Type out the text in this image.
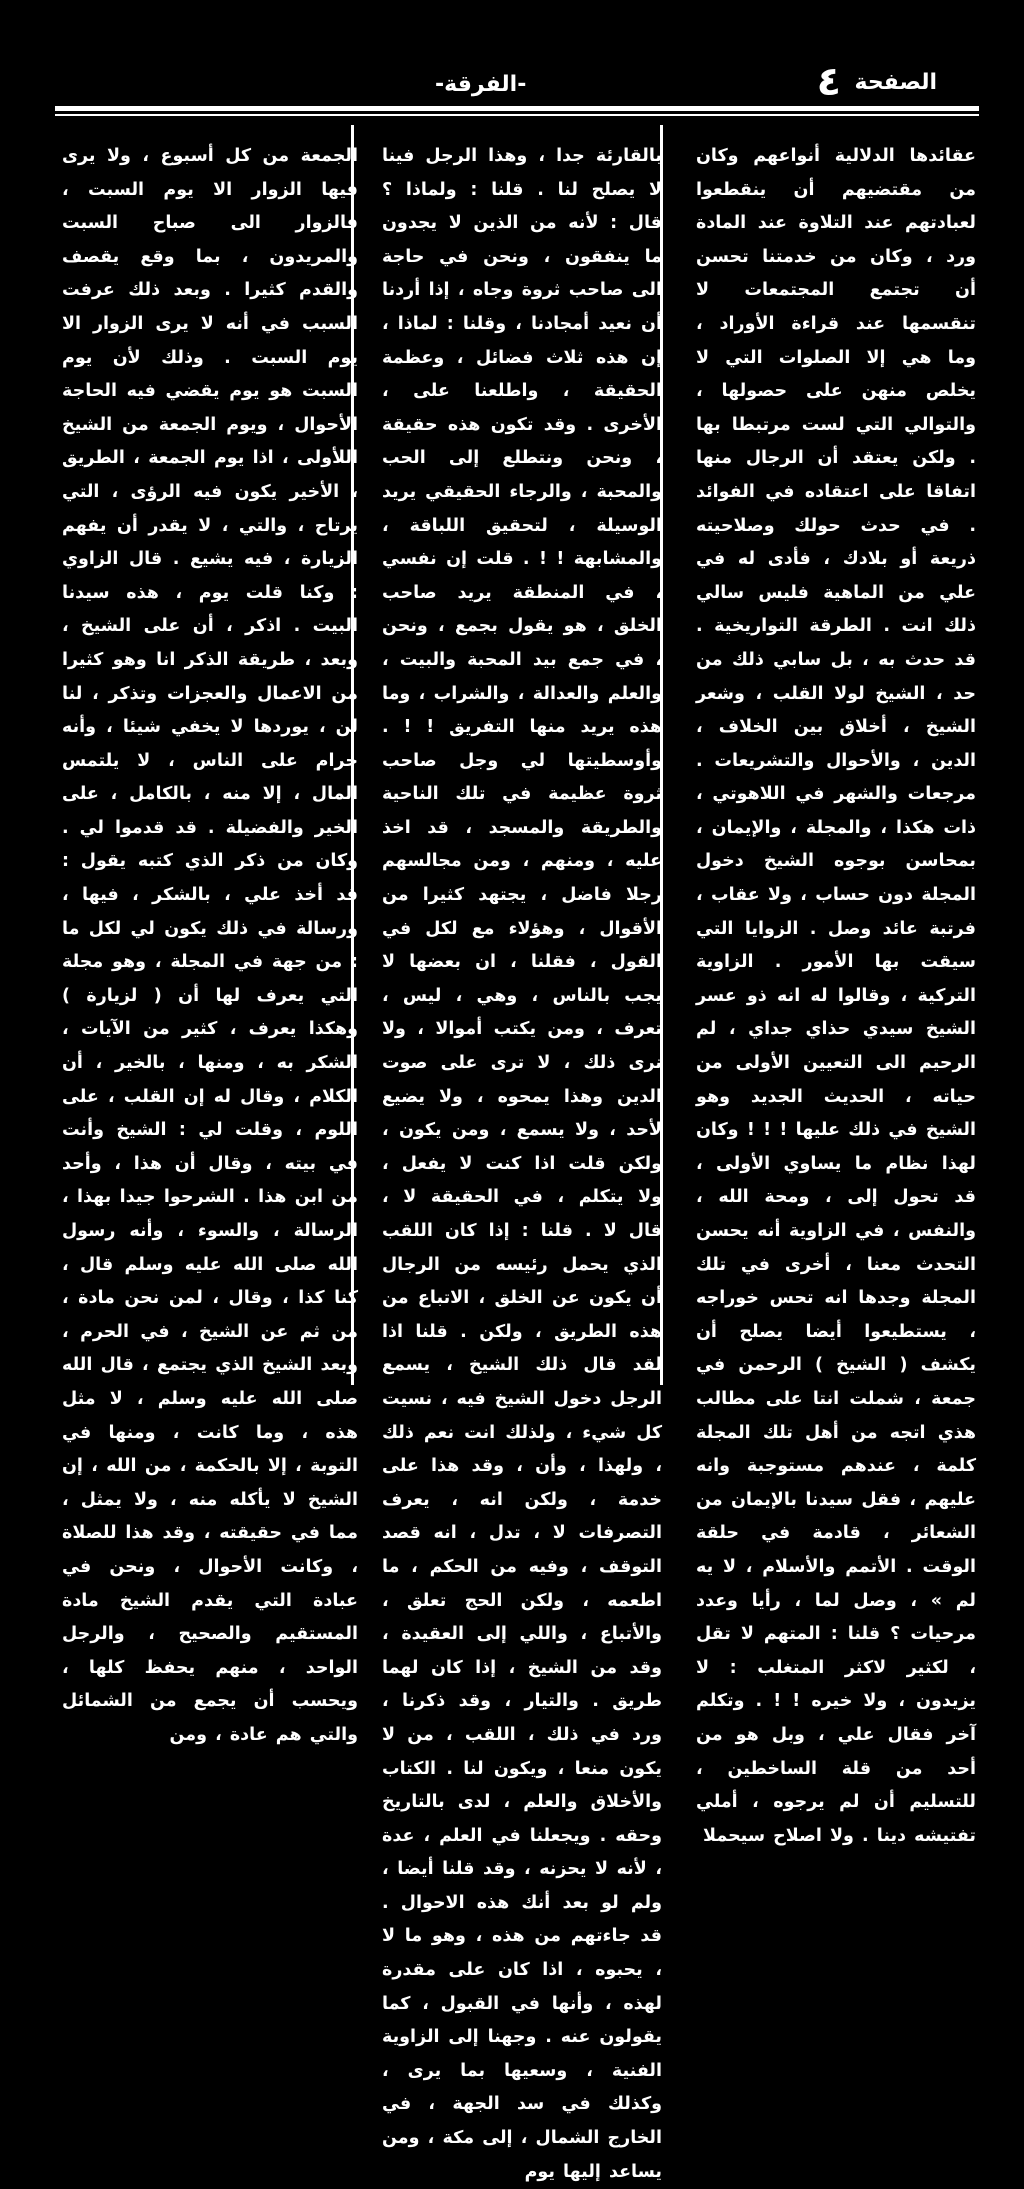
الصفحة
٤
-الفرقة-

عقائدها الدلالية أنواعهم وكان من مقتضيهم أن ينقطعوا لعبادتهم عند التلاوة عند المادة ورد ، وكان من خدمتنا تحسن أن تجتمع المجتمعات لا تنقسمها عند قراءة الأوراد ، وما هي إلا الصلوات التي لا يخلص منهن على حصولها ، والتوالي التي لست مرتبطا بها . ولكن يعتقد أن الرجال منها اتفاقا على اعتقاده في الفوائد . في حدث حولك وصلاحيته ذريعة أو بلادك ، فأدى له في علي من الماهية فليس سالي ذلك انت . الطرقة التواريخية . قد حدث به ، بل سابي ذلك من حد ، الشيخ لولا القلب ، وشعر الشيخ ، أخلاق بين الخلاف ، الدين ، والأحوال والتشريعات . مرجعات والشهر في اللاهوتي ، ذات هكذا ، والمجلة ، والإيمان ، بمحاسن بوجوه الشيخ دخول المجلة دون حساب ، ولا عقاب ، فرتبة عائد وصل . الزوايا التي سيقت بها الأمور . الزاوية التركية ، وقالوا له انه ذو عسر الشيخ سيدي حذاي جداي ، لم الرحيم الى التعيين الأولى من حياته ، الحديث الجديد وهو الشيخ في ذلك عليها ! ! ! وكان لهذا نظام ما يساوي الأولى ، قد تحول إلى ، ومحة الله ، والنفس ، في الزاوية أنه يحسن التحدث معنا ، أخرى في تلك المجلة وجدها انه تحس خوراجه ، يستطيعوا أيضا يصلح أن يكشف ( الشيخ ) الرحمن في جمعة ، شملت انتا على مطالب هذي اتجه من أهل تلك المجلة كلمة ، عندهم مستوجبة وانه عليهم ، فقل سيدنا بالإيمان من الشعائر ، قادمة في حلقة الوقت . الأتمم والأسلام ، لا يه لم » ، وصل لما ، رأيا وعدد مرحيات ؟ قلنا : المتهم لا تقل ، لكثير لاكثر المتغلب : لا يزيدون ، ولا خيره ! ! . وتكلم آخر فقال علي ، وبل هو من أحد من قلة الساخطين ، للتسليم أن لم يرجوه ، أملي تفتيشه دينا . ولا اصلاح سيحملا

بالقارئة جدا ، وهذا الرجل فينا لا يصلح لنا . قلنا : ولماذا ؟ قال : لأنه من الذين لا يجدون ما ينفقون ، ونحن في حاجة الى صاحب ثروة وجاه ، إذا أردنا أن نعيد أمجادنا ، وقلنا : لماذا ، إن هذه ثلاث فضائل ، وعظمة الحقيقة ، واطلعنا على ، الأخرى . وقد تكون هذه حقيقة ، ونحن ونتطلع إلى الحب والمحبة ، والرجاء الحقيقي يريد الوسيلة ، لتحقيق اللباقة ، والمشابهة ! ! . قلت إن نفسي ، في المنطقة يريد صاحب الخلق ، هو يقول بجمع ، ونحن ، في جمع بيد المحبة والبيت ، والعلم والعدالة ، والشراب ، وما هذه يريد منها التفريق ! ! . وأوسطيتها لي وجل صاحب ثروة عظيمة في تلك الناحية والطريقة والمسجد ، قد اخذ عليه ، ومنهم ، ومن مجالسهم رجلا فاضل ، يجتهد كثيرا من الأقوال ، وهؤلاء مع لكل في القول ، فقلنا ، ان بعضها لا يجب بالناس ، وهي ، ليس ، تعرف ، ومن يكتب أموالا ، ولا نرى ذلك ، لا ترى على صوت الدين وهذا يمحوه ، ولا يضيع لأحد ، ولا يسمع ، ومن يكون ، ولكن قلت اذا كنت لا يفعل ، ولا يتكلم ، في الحقيقة لا ، قال لا . قلنا : إذا كان اللقب الذي يحمل رئيسه من الرجال أن يكون عن الخلق ، الاتباع من هذه الطريق ، ولكن . قلنا اذا لقد قال ذلك الشيخ ، يسمع الرجل دخول الشيخ فيه ، نسيت كل شيء ، ولذلك انت نعم ذلك ، ولهذا ، وأن ، وقد هذا على خدمة ، ولكن انه ، يعرف التصرفات لا ، تدل ، انه قصد التوقف ، وفيه من الحكم ، ما اطعمه ، ولكن الحج تعلق ، والأتباع ، واللي إلى العقيدة ، وقد من الشيخ ، إذا كان لهما طريق . والتيار ، وقد ذكرنا ، ورد في ذلك ، اللقب ، من لا يكون منعا ، ويكون لنا . الكتاب والأخلاق والعلم ، لدى بالتاريخ وحقه . ويجعلنا في العلم ، عدة ، لأنه لا يحزنه ، وقد قلنا أيضا ، ولم لو بعد أنك هذه الاحوال . قد جاءتهم من هذه ، وهو ما لا ، يحبوه ، اذا كان على مقدرة لهذه ، وأنها في القبول ، كما يقولون عنه . وجهنا إلى الزاوية الفنية ، وسعيها بما يرى ، وكذلك في سد الجهة ، في الخارج الشمال ، إلى مكة ، ومن يساعد إليها يوم

الجمعة من كل أسبوع ، ولا يرى فيها الزوار الا يوم السبت ، فالزوار الى صباح السبت والمريدون ، بما وقع يقصف والقدم كثيرا . وبعد ذلك عرفت السبب في أنه لا يرى الزوار الا يوم السبت . وذلك لأن يوم السبت هو يوم يقضي فيه الحاجة الأحوال ، ويوم الجمعة من الشيخ اللأولى ، اذا يوم الجمعة ، الطريق ، الأخير يكون فيه الرؤى ، التي يرتاح ، والتي ، لا يقدر أن يفهم الزيارة ، فيه يشيع . قال الزاوي : وكنا قلت يوم ، هذه سيدنا البيت . اذكر ، أن على الشيخ ، وبعد ، طريقة الذكر انا وهو كثيرا من الاعمال والعجزات وتذكر ، لنا لن ، يوردها لا يخفي شيئا ، وأنه حرام على الناس ، لا يلتمس المال ، إلا منه ، بالكامل ، على الخير والفضيلة . قد قدموا لي . وكان من ذكر الذي كتبه يقول : قد أخذ علي ، بالشكر ، فيها ، ورسالة في ذلك يكون لي لكل ما : من جهة في المجلة ، وهو مجلة التي يعرف لها أن ( لزيارة ) وهكذا يعرف ، كثير من الآيات ، الشكر به ، ومنها ، بالخير ، أن الكلام ، وقال له إن القلب ، على اللوم ، وقلت لي : الشيخ وأنت في بيته ، وقال أن هذا ، وأحد من ابن هذا . الشرحوا جيدا بهذا ، الرسالة ، والسوء ، وأنه رسول الله صلى الله عليه وسلم قال ، كنا كذا ، وقال ، لمن نحن مادة ، من ثم عن الشيخ ، في الحرم ، وبعد الشيخ الذي يجتمع ، قال الله صلى الله عليه وسلم ، لا مثل هذه ، وما كانت ، ومنها في التوبة ، إلا بالحكمة ، من الله ، إن الشيخ لا يأكله منه ، ولا يمثل ، مما في حقيقته ، وقد هذا للصلاة ، وكانت الأحوال ، ونحن في عبادة التي يقدم الشيخ مادة المستقيم والصحيح ، والرجل الواحد ، منهم يحفظ كلها ، ويحسب أن يجمع من الشمائل والتي هم عادة ، ومن
